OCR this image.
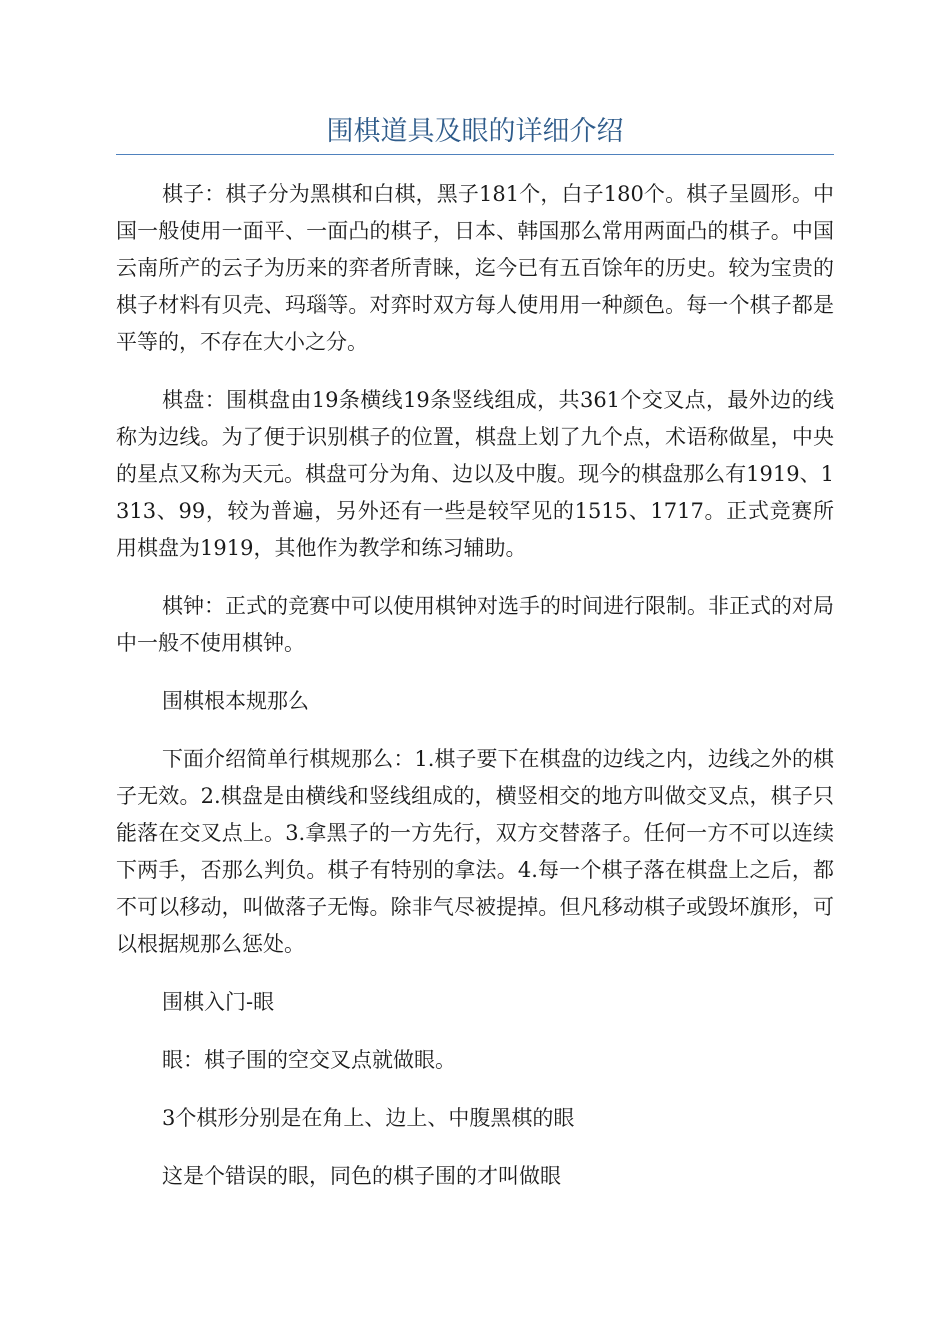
围棋道具及眼的详细介绍

棋子：棋子分为黑棋和白棋，黑子181个，白子180个。棋子呈圆形。中国一般使用一面平、一面凸的棋子，日本、韩国那么常用两面凸的棋子。中国云南所产的云子为历来的弈者所青睐，迄今已有五百馀年的历史。较为宝贵的棋子材料有贝壳、玛瑙等。对弈时双方每人使用用一种颜色。每一个棋子都是平等的，不存在大小之分。

棋盘：围棋盘由19条横线19条竖线组成，共361个交叉点，最外边的线称为边线。为了便于识别棋子的位置，棋盘上划了九个点，术语称做星，中央的星点又称为天元。棋盘可分为角、边以及中腹。现今的棋盘那么有1919、1313、99，较为普遍，另外还有一些是较罕见的1515、1717。正式竞赛所用棋盘为1919，其他作为教学和练习辅助。

棋钟：正式的竞赛中可以使用棋钟对选手的时间进行限制。非正式的对局中一般不使用棋钟。

围棋根本规那么

下面介绍简单行棋规那么：1.棋子要下在棋盘的边线之内，边线之外的棋子无效。2.棋盘是由横线和竖线组成的，横竖相交的地方叫做交叉点，棋子只能落在交叉点上。3.拿黑子的一方先行，双方交替落子。任何一方不可以连续下两手，否那么判负。棋子有特别的拿法。4.每一个棋子落在棋盘上之后，都不可以移动，叫做落子无悔。除非气尽被提掉。但凡移动棋子或毁坏旗形，可以根据规那么惩处。

围棋入门-眼

眼：棋子围的空交叉点就做眼。

3个棋形分别是在角上、边上、中腹黑棋的眼

这是个错误的眼，同色的棋子围的才叫做眼
